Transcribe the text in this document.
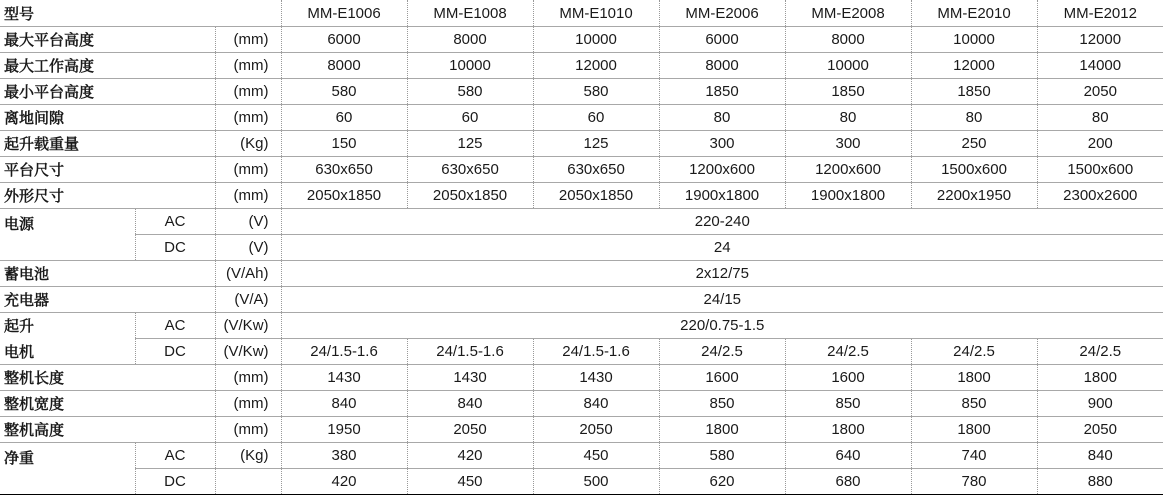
型号			MM-E1006	MM-E1008	MM-E1010	MM-E2006	MM-E2008	MM-E2010	MM-E2012
最大平台高度		(mm)	6000	8000	10000	6000	8000	10000	12000
最大工作高度		(mm)	8000	10000	12000	8000	10000	12000	14000
最小平台高度		(mm)	580	580	580	1850	1850	1850	2050
离地间隙		(mm)	60	60	60	80	80	80	80
起升载重量		(Kg)	150	125	125	300	300	250	200
平台尺寸		(mm)	630x650	630x650	630x650	1200x600	1200x600	1500x600	1500x600
外形尺寸		(mm)	2050x1850	2050x1850	2050x1850	1900x1800	1900x1800	2200x1950	2300x2600
电源	AC	(V)	220-240						
	DC	(V)	24						
蓄电池		(V/Ah)	2x12/75						
充电器		(V/A)	24/15						
起升	AC	(V/Kw)	220/0.75-1.5						
电机	DC	(V/Kw)	24/1.5-1.6	24/1.5-1.6	24/1.5-1.6	24/2.5	24/2.5	24/2.5	24/2.5
整机长度		(mm)	1430	1430	1430	1600	1600	1800	1800
整机宽度		(mm)	840	840	840	850	850	850	900
整机高度		(mm)	1950	2050	2050	1800	1800	1800	2050
净重	AC	(Kg)	380	420	450	580	640	740	840
	DC		420	450	500	620	680	780	880
